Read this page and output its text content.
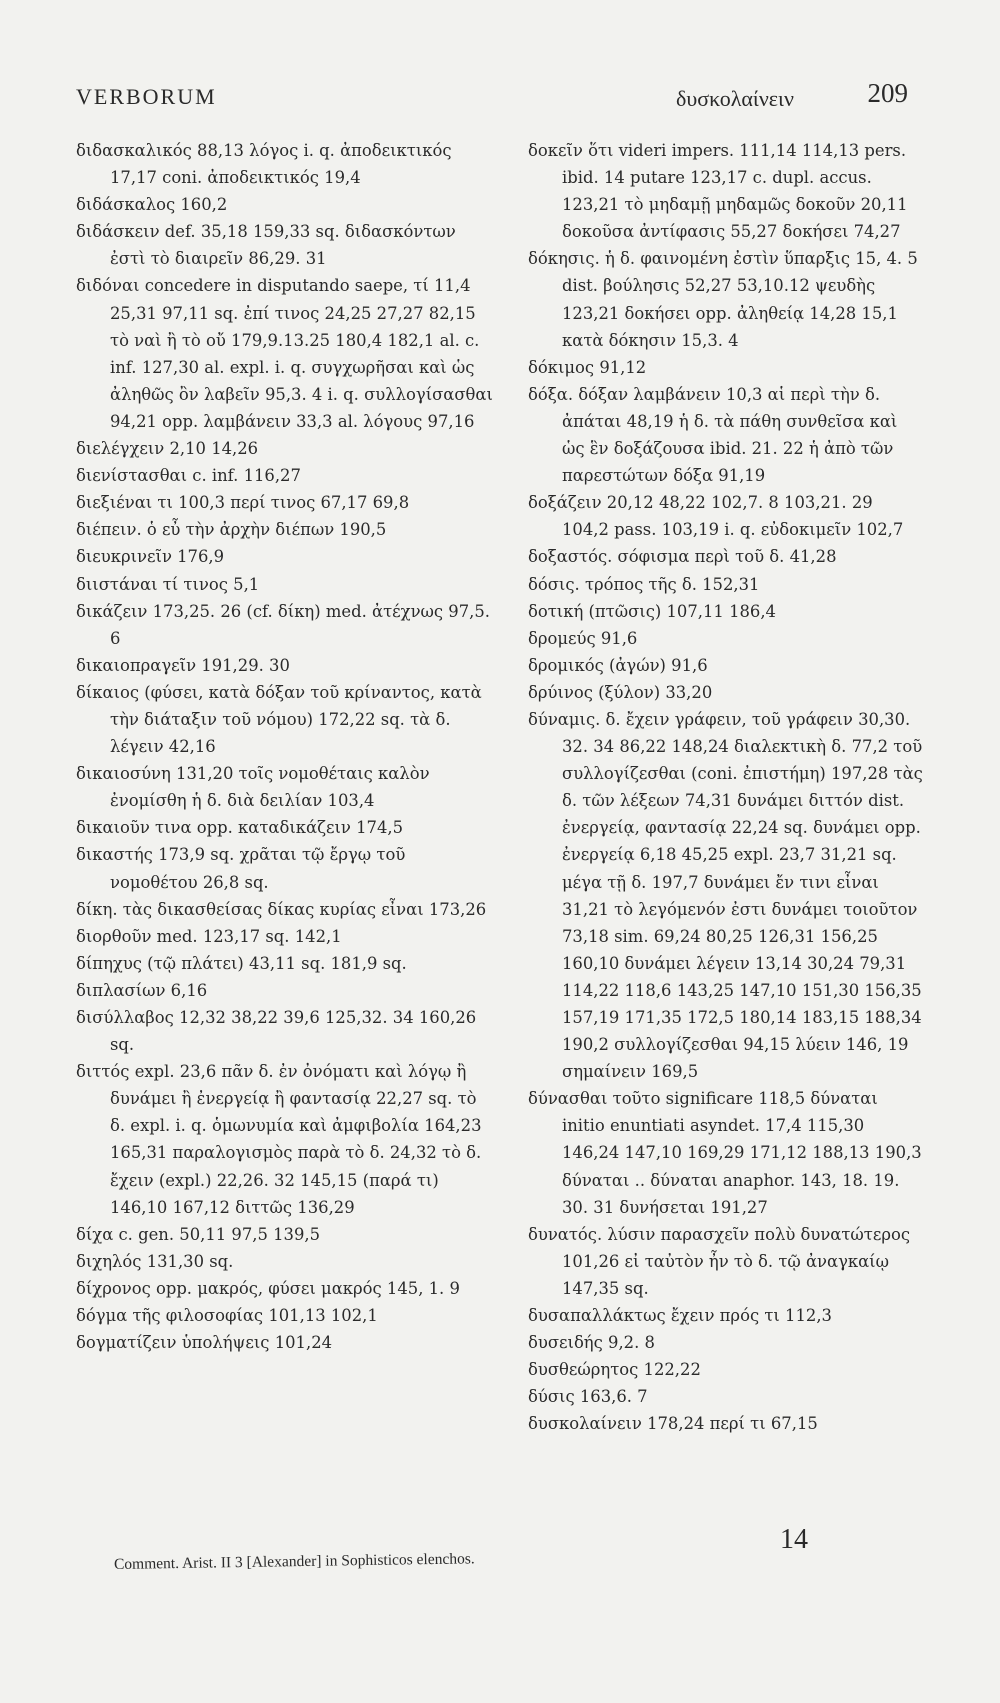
VERBORUM	δυσκολαίνειν	209
διδασκαλικός 88,13 λόγος i. q. ἀποδεικτικός 17,17 coni. ἀποδεικτικός 19,4
διδάσκαλος 160,2
διδάσκειν def. 35,18 159,33 sq. διδασκόντων ἐστὶ τὸ διαιρεῖν 86,29. 31
διδόναι concedere in disputando saepe, τί 11,4 25,31 97,11 sq. ἐπί τινος 24,25 27,27 82,15 τὸ ναὶ ἢ τὸ οὔ 179,9.13.25 180,4 182,1 al. c. inf. 127,30 al. expl. i. q. συγχωρῆσαι καὶ ὡς ἀληθῶς ὂν λαβεῖν 95,3. 4 i. q. συλλογίσασθαι 94,21 opp. λαμβάνειν 33,3 al. λόγους 97,16
διελέγχειν 2,10 14,26
διενίστασθαι c. inf. 116,27
διεξιέναι τι 100,3 περί τινος 67,17 69,8
διέπειν. ὁ εὖ τὴν ἀρχὴν διέπων 190,5
διευκρινεῖν 176,9
διιστάναι τί τινος 5,1
δικάζειν 173,25. 26 (cf. δίκη) med. ἀτέχνως 97,5. 6
δικαιοπραγεῖν 191,29. 30
δίκαιος (φύσει, κατὰ δόξαν τοῦ κρίναντος, κατὰ τὴν διάταξιν τοῦ νόμου) 172,22 sq. τὰ δ. λέγειν 42,16
δικαιοσύνη 131,20 τοῖς νομοθέταις καλὸν ἐνομίσθη ἡ δ. διὰ δειλίαν 103,4
δικαιοῦν τινα opp. καταδικάζειν 174,5
δικαστής 173,9 sq. χρᾶται τῷ ἔργῳ τοῦ νομοθέτου 26,8 sq.
δίκη. τὰς δικασθείσας δίκας κυρίας εἶναι 173,26
διορθοῦν med. 123,17 sq. 142,1
δίπηχυς (τῷ πλάτει) 43,11 sq. 181,9 sq.
διπλασίων 6,16
δισύλλαβος 12,32 38,22 39,6 125,32. 34 160,26 sq.
διττός expl. 23,6 πᾶν δ. ἐν ὀνόματι καὶ λόγῳ ἢ δυνάμει ἢ ἐνεργείᾳ ἢ φαντασίᾳ 22,27 sq. τὸ δ. expl. i. q. ὁμωνυμία καὶ ἀμφιβολία 164,23 165,31 παραλογισμὸς παρὰ τὸ δ. 24,32 τὸ δ. ἔχειν (expl.) 22,26. 32 145,15 (παρά τι) 146,10 167,12 διττῶς 136,29
δίχα c. gen. 50,11 97,5 139,5
διχηλός 131,30 sq.
δίχρονος opp. μακρός, φύσει μακρός 145, 1. 9
δόγμα τῆς φιλοσοφίας 101,13 102,1
δογματίζειν ὑπολήψεις 101,24
δοκεῖν ὅτι videri impers. 111,14 114,13 pers. ibid. 14 putare 123,17 c. dupl. accus. 123,21 τὸ μηδαμῇ μηδαμῶς δοκοῦν 20,11 δοκοῦσα ἀντίφασις 55,27 δοκήσει 74,27
δόκησις. ἡ δ. φαινομένη ἐστὶν ὕπαρξις 15, 4. 5 dist. βούλησις 52,27 53,10.12 ψευδὴς 123,21 δοκήσει opp. ἀληθείᾳ 14,28 15,1 κατὰ δόκησιν 15,3. 4
δόκιμος 91,12
δόξα. δόξαν λαμβάνειν 10,3 αἱ περὶ τὴν δ. ἀπάται 48,19 ἡ δ. τὰ πάθη συνθεῖσα καὶ ὡς ἓν δοξάζουσα ibid. 21. 22 ἡ ἀπὸ τῶν παρεστώτων δόξα 91,19
δοξάζειν 20,12 48,22 102,7. 8 103,21. 29 104,2 pass. 103,19 i. q. εὐδοκιμεῖν 102,7
δοξαστός. σόφισμα περὶ τοῦ δ. 41,28
δόσις. τρόπος τῆς δ. 152,31
δοτική (πτῶσις) 107,11 186,4
δρομεύς 91,6
δρομικός (ἀγών) 91,6
δρύινος (ξύλον) 33,20
δύναμις. δ. ἔχειν γράφειν, τοῦ γράφειν 30,30. 32. 34 86,22 148,24 διαλεκτικὴ δ. 77,2 τοῦ συλλογίζεσθαι (coni. ἐπιστήμη) 197,28 τὰς δ. τῶν λέξεων 74,31 δυνάμει διττόν dist. ἐνεργείᾳ, φαντασίᾳ 22,24 sq. δυνάμει opp. ἐνεργείᾳ 6,18 45,25 expl. 23,7 31,21 sq. μέγα τῇ δ. 197,7 δυνάμει ἔν τινι εἶναι 31,21 τὸ λεγόμενόν ἐστι δυνάμει τοιοῦτον 73,18 sim. 69,24 80,25 126,31 156,25 160,10 δυνάμει λέγειν 13,14 30,24 79,31 114,22 118,6 143,25 147,10 151,30 156,35 157,19 171,35 172,5 180,14 183,15 188,34 190,2 συλλογίζεσθαι 94,15 λύειν 146, 19 σημαίνειν 169,5
δύνασθαι τοῦτο significare 118,5 δύναται initio enuntiati asyndet. 17,4 115,30 146,24 147,10 169,29 171,12 188,13 190,3 δύναται .. δύναται anaphor. 143, 18. 19. 30. 31 δυνήσεται 191,27
δυνατός. λύσιν παρασχεῖν πολὺ δυνατώτερος 101,26 εἰ ταὐτὸν ἦν τὸ δ. τῷ ἀναγκαίῳ 147,35 sq.
δυσαπαλλάκτως ἔχειν πρός τι 112,3
δυσειδής 9,2. 8
δυσθεώρητος 122,22
δύσις 163,6. 7
δυσκολαίνειν 178,24 περί τι 67,15
14
Comment. Arist. II 3 [Alexander] in Sophisticos elenchos.
